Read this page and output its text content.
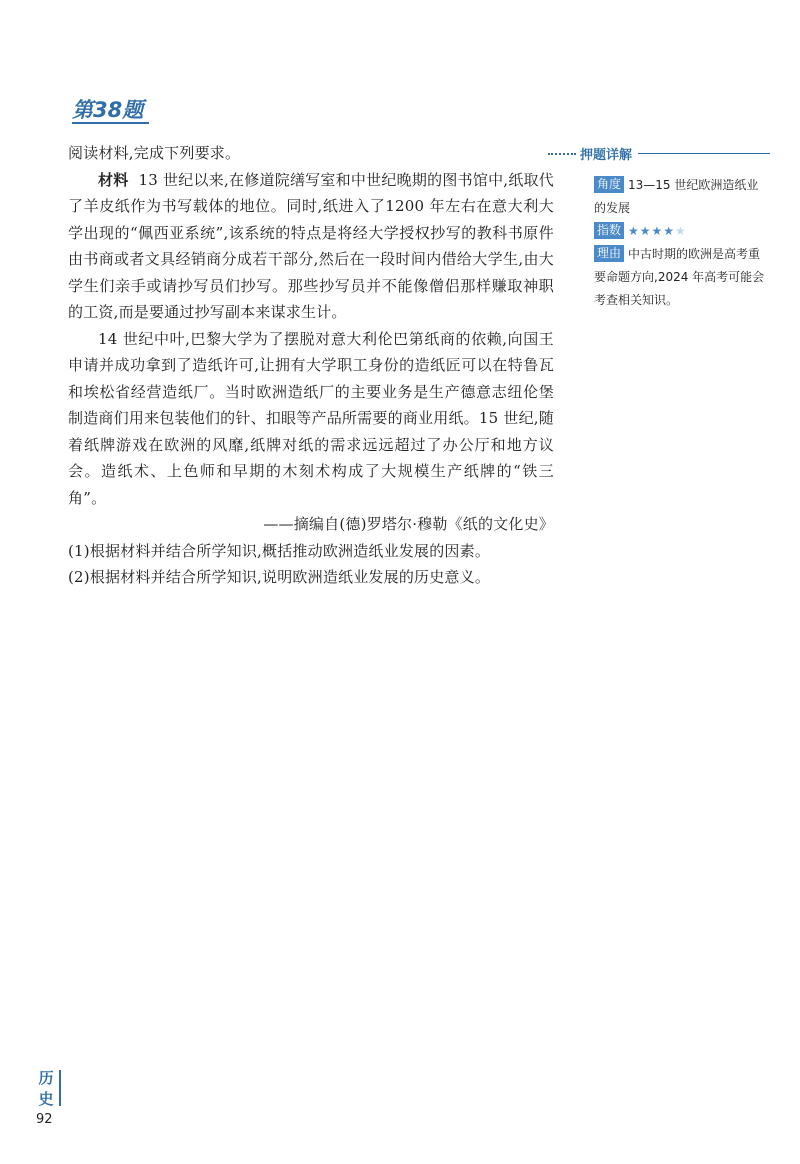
第38题

阅读材料,完成下列要求。

材料 13 世纪以来,在修道院缮写室和中世纪晚期的图书馆中,纸取代了羊皮纸作为书写载体的地位。同时,纸进入了1200 年左右在意大利大学出现的“佩西亚系统”,该系统的特点是将经大学授权抄写的教科书原件由书商或者文具经销商分成若干部分,然后在一段时间内借给大学生,由大学生们亲手或请抄写员们抄写。那些抄写员并不能像僧侣那样赚取神职的工资,而是要通过抄写副本来谋求生计。

14 世纪中叶,巴黎大学为了摆脱对意大利伦巴第纸商的依赖,向国王申请并成功拿到了造纸许可,让拥有大学职工身份的造纸匠可以在特鲁瓦和埃松省经营造纸厂。当时欧洲造纸厂的主要业务是生产德意志纽伦堡制造商们用来包装他们的针、扣眼等产品所需要的商业用纸。15 世纪,随着纸牌游戏在欧洲的风靡,纸牌对纸的需求远远超过了办公厅和地方议会。造纸术、上色师和早期的木刻术构成了大规模生产纸牌的“铁三角”。

——摘编自(德)罗塔尔·穆勒《纸的文化史》

(1)根据材料并结合所学知识,概括推动欧洲造纸业发展的因素。

(2)根据材料并结合所学知识,说明欧洲造纸业发展的历史意义。

押题详解

角度 13—15 世纪欧洲造纸业的发展

指数 ★★★★★

理由 中古时期的欧洲是高考重要命题方向,2024 年高考可能会考查相关知识。

历
史
92
